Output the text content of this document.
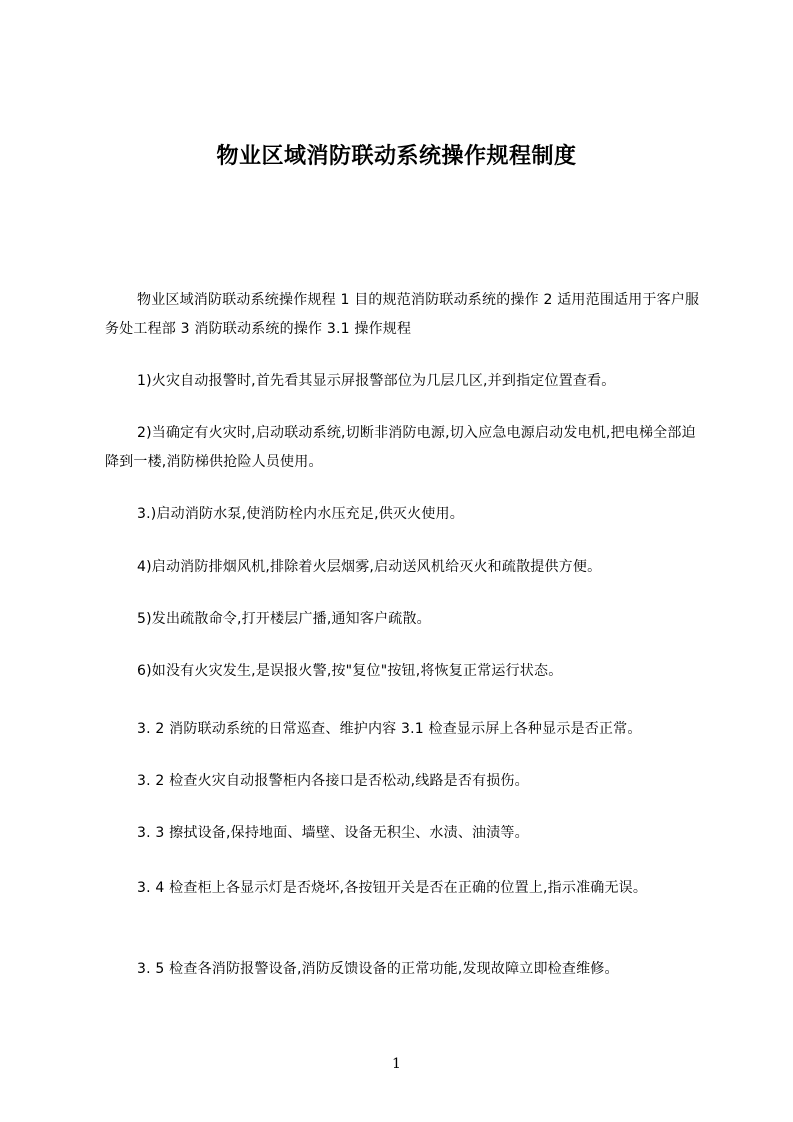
物业区域消防联动系统操作规程制度

物业区域消防联动系统操作规程 1 目的规范消防联动系统的操作 2 适用范围适用于客户服务处工程部 3 消防联动系统的操作 3.1 操作规程

1)火灾自动报警时,首先看其显示屏报警部位为几层几区,并到指定位置查看。

2)当确定有火灾时,启动联动系统,切断非消防电源,切入应急电源启动发电机,把电梯全部迫降到一楼,消防梯供抢险人员使用。

3.)启动消防水泵,使消防栓内水压充足,供灭火使用。

4)启动消防排烟风机,排除着火层烟雾,启动送风机给灭火和疏散提供方便。

5)发出疏散命令,打开楼层广播,通知客户疏散。

6)如没有火灾发生,是误报火警,按"复位"按钮,将恢复正常运行状态。

3. 2 消防联动系统的日常巡查、维护内容 3.1 检查显示屏上各种显示是否正常。

3. 2 检查火灾自动报警柜内各接口是否松动,线路是否有损伤。

3. 3 擦拭设备,保持地面、墙壁、设备无积尘、水渍、油渍等。

3. 4 检查柜上各显示灯是否烧坏,各按钮开关是否在正确的位置上,指示准确无误。

3. 5 检查各消防报警设备,消防反馈设备的正常功能,发现故障立即检查维修。

1
